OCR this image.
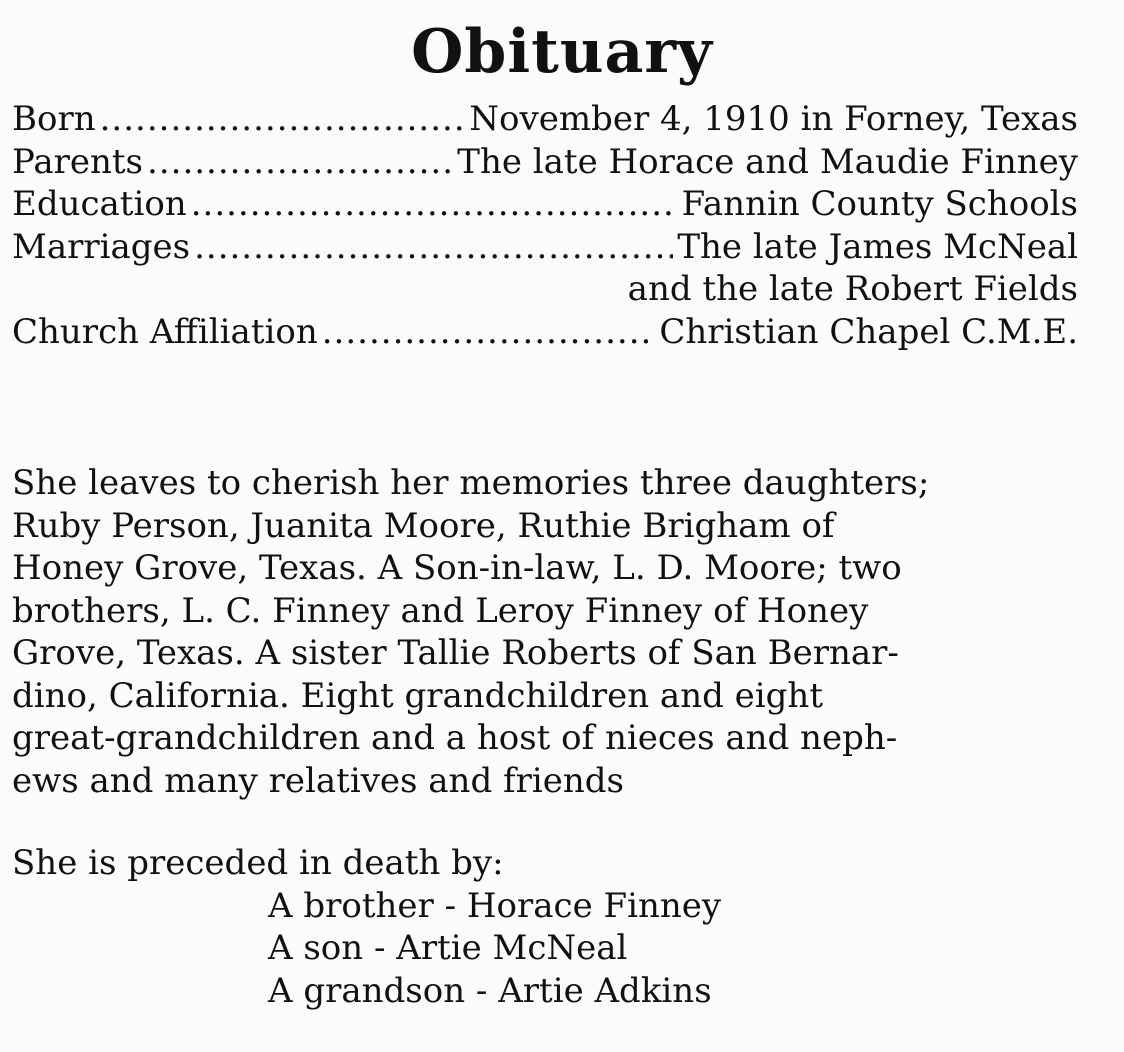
Obituary
Born .....	November 4, 1910 in Forney, Texas
Parents .....	The late Horace and Maudie Finney
Education .....	Fannin County Schools
Marriages .....	The late James McNeal
and the late Robert Fields
Church Affiliation .....	Christian Chapel C.M.E.
She leaves to cherish her memories three daughters;
Ruby Person, Juanita Moore, Ruthie Brigham of
Honey Grove, Texas. A Son-in-law, L. D. Moore; two
brothers, L. C. Finney and Leroy Finney of Honey
Grove, Texas. A sister Tallie Roberts of San Bernar-
dino, California. Eight grandchildren and eight
great-grandchildren and a host of nieces and neph-
ews and many relatives and friends
She is preceded in death by:
A brother - Horace Finney
A son - Artie McNeal
A grandson - Artie Adkins
